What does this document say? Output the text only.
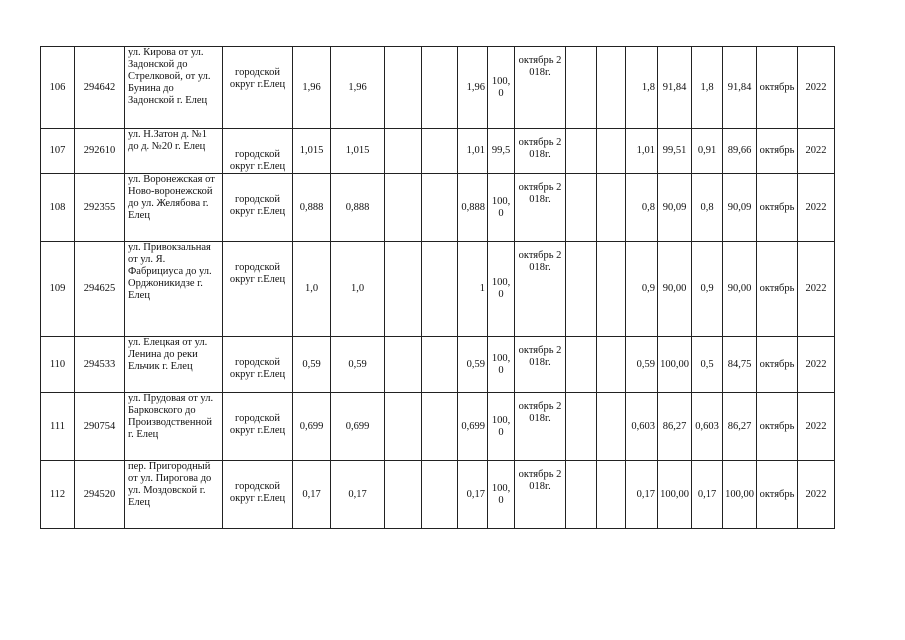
106	294642	ул. Кирова от ул. Задонской до Стрелковой, от ул. Бунина до Задонской г. Елец	городской округ г.Елец	1,96	1,96			1,96	100,0	октябрь 2018г.			1,8	91,84	1,8	91,84	октябрь	2022
107	292610	ул. Н.Затон д. №1 до д. №20 г. Елец	городской округ г.Елец	1,015	1,015			1,01	99,5	октябрь 2018г.			1,01	99,51	0,91	89,66	октябрь	2022
108	292355	ул. Воронежская от Ново-воронежской до ул. Желябова г. Елец	городской округ г.Елец	0,888	0,888			0,888	100,0	октябрь 2018г.			0,8	90,09	0,8	90,09	октябрь	2022
109	294625	ул. Привокзальная от ул. Я. Фабрициуса до ул. Орджоникидзе г. Елец	городской округ г.Елец	1,0	1,0			1	100,0	октябрь 2018г.			0,9	90,00	0,9	90,00	октябрь	2022
110	294533	ул. Елецкая от ул. Ленина до реки Ельчик г. Елец	городской округ г.Елец	0,59	0,59			0,59	100,0	октябрь 2018г.			0,59	100,00	0,5	84,75	октябрь	2022
111	290754	ул. Прудовая от ул. Барковского до Производственной г. Елец	городской округ г.Елец	0,699	0,699			0,699	100,0	октябрь 2018г.			0,603	86,27	0,603	86,27	октябрь	2022
112	294520	пер. Пригородный от ул. Пирогова до ул. Моздовской г. Елец	городской округ г.Елец	0,17	0,17			0,17	100,0	октябрь 2018г.			0,17	100,00	0,17	100,00	октябрь	2022
